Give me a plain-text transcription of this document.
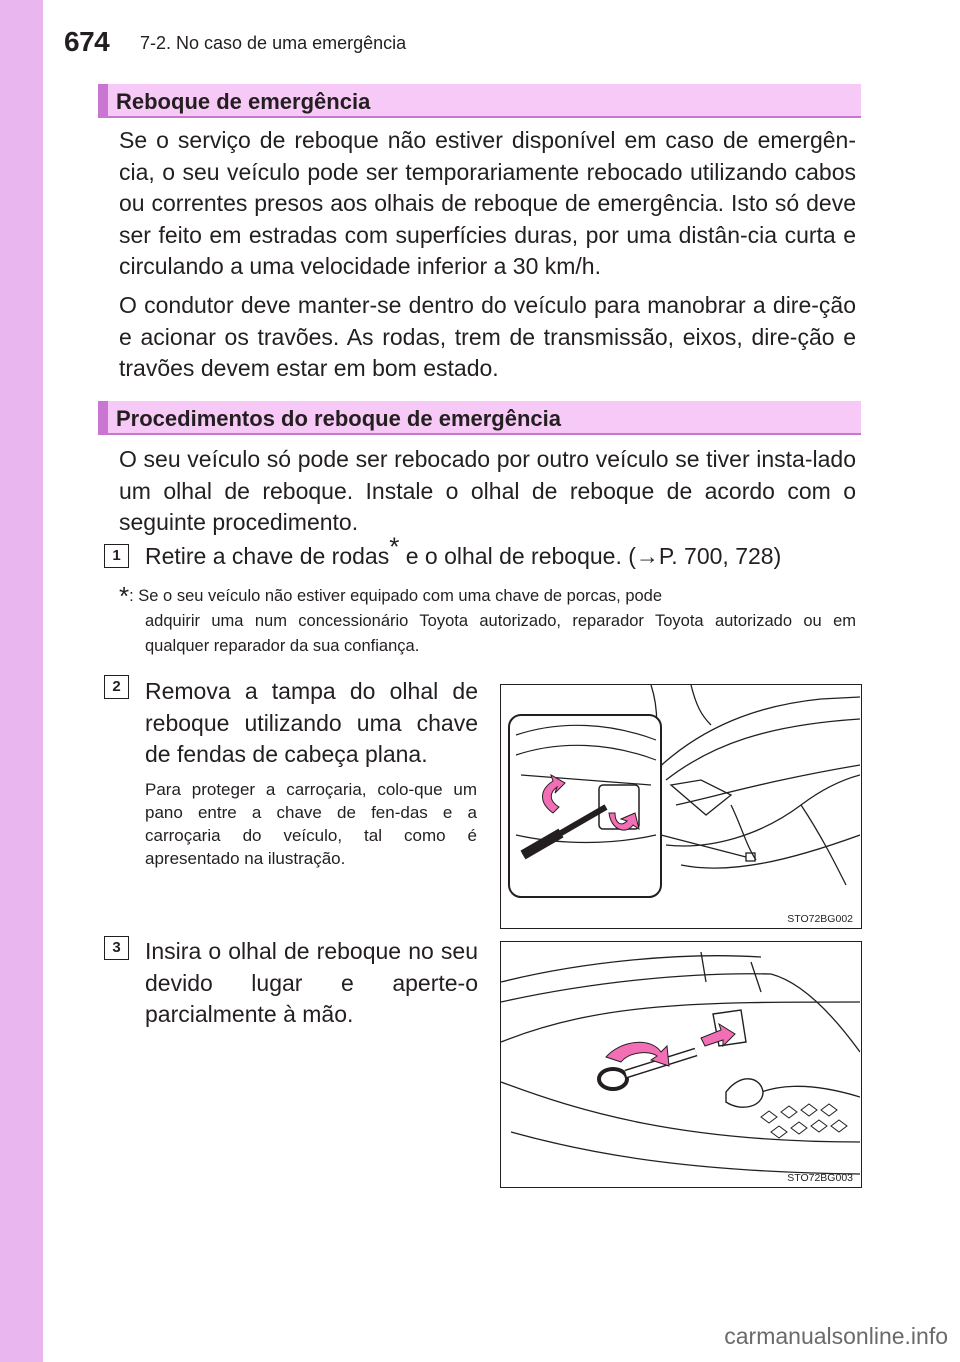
674 7-2. No caso de uma emergência
Reboque de emergência
Se o serviço de reboque não estiver disponível em caso de emergên-cia, o seu veículo pode ser temporariamente rebocado utilizando cabos ou correntes presos aos olhais de reboque de emergência. Isto só deve ser feito em estradas com superfícies duras, por uma distân-cia curta e circulando a uma velocidade inferior a 30 km/h.
O condutor deve manter-se dentro do veículo para manobrar a dire-ção e acionar os travões. As rodas, trem de transmissão, eixos, dire-ção e travões devem estar em bom estado.
Procedimentos do reboque de emergência
O seu veículo só pode ser rebocado por outro veículo se tiver insta-lado um olhal de reboque. Instale o olhal de reboque de acordo com o seguinte procedimento.
1	Retire a chave de rodas* e o olhal de reboque. (→P. 700, 728)
*: Se o seu veículo não estiver equipado com uma chave de porcas, pode
adquirir uma num concessionário Toyota autorizado, reparador Toyota autorizado ou em qualquer reparador da sua confiança.
2	Remova a tampa do olhal de reboque utilizando uma chave de fendas de cabeça plana.
Para proteger a carroçaria, colo-que um pano entre a chave de fen-das e a carroçaria do veículo, tal como é apresentado na ilustração.
STO72BG002
3	Insira o olhal de reboque no seu devido lugar e aperte-o parcialmente à mão.
STO72BG003
carmanualsonline.info
